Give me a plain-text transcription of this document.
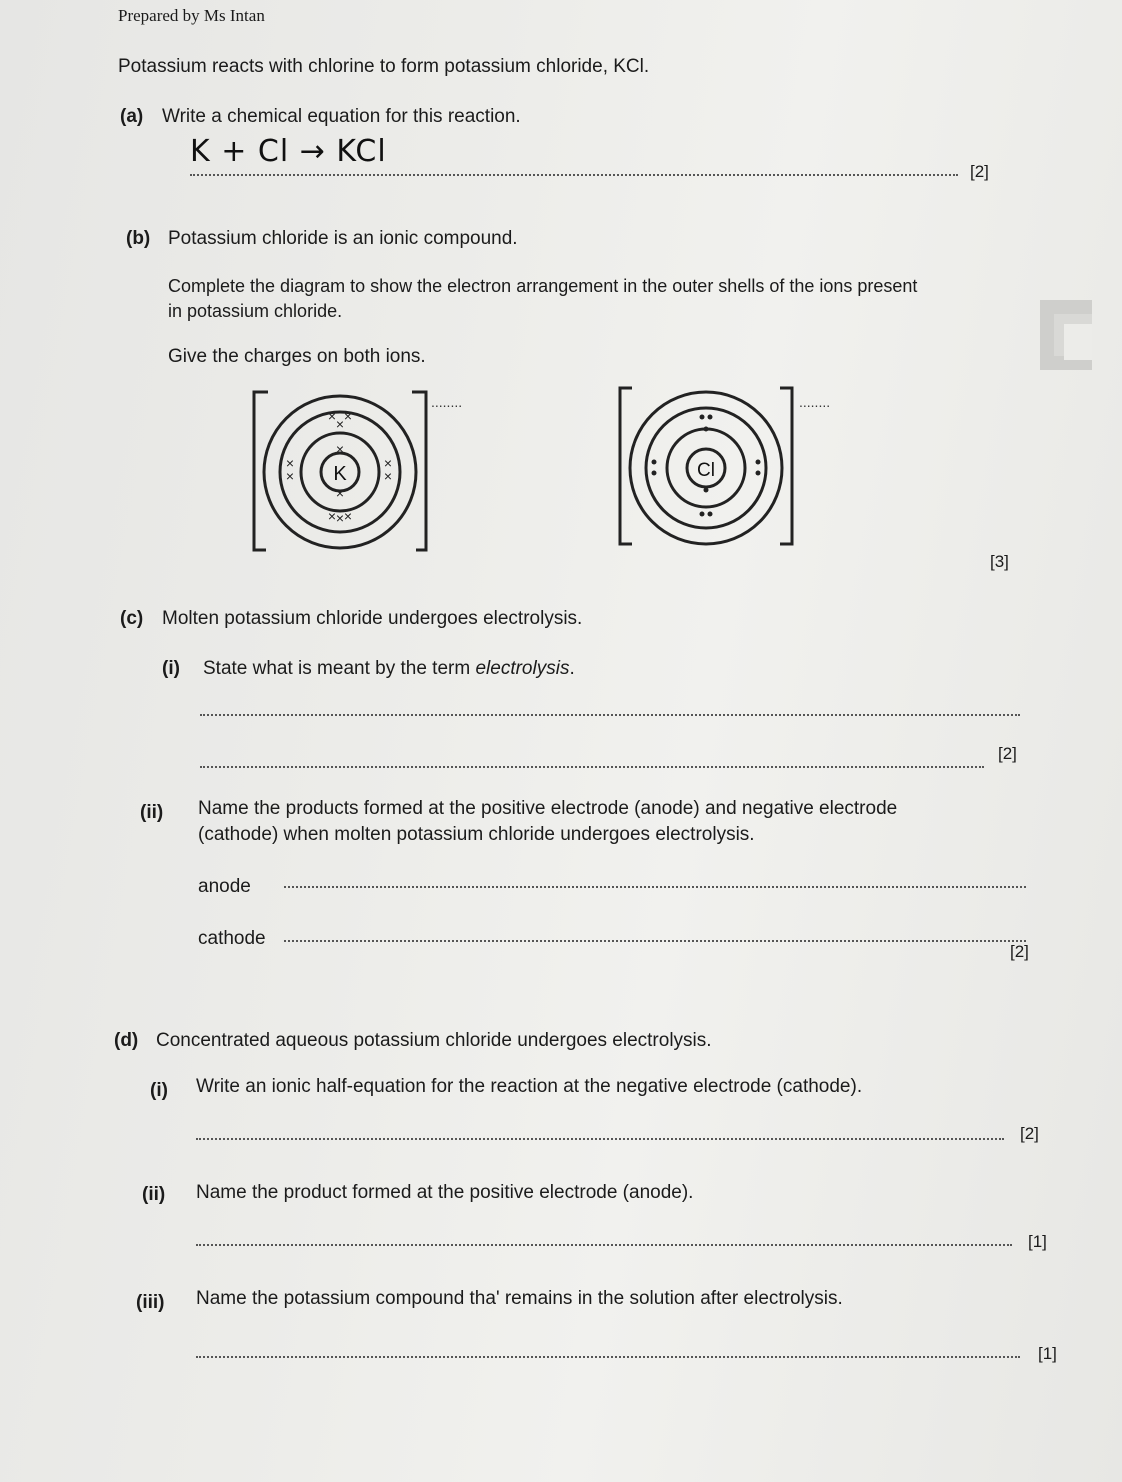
Prepared by Ms Intan
Potassium reacts with chlorine to form potassium chloride, KCl.
(a) Write a chemical equation for this reaction.
K + Cl → KCl
[2]
(b) Potassium chloride is an ionic compound.
Complete the diagram to show the electron arrangement in the outer shells of the ions present
in potassium chloride.
Give the charges on both ions.
K
×
×
×
×
×
×
×
×
× ×
× ×
........
Cl
........
[3]
(c) Molten potassium chloride undergoes electrolysis.
(i) State what is meant by the term electrolysis.
[2]
(ii) Name the products formed at the positive electrode (anode) and negative electrode
(cathode) when molten potassium chloride undergoes electrolysis.
anode
cathode
[2]
(d) Concentrated aqueous potassium chloride undergoes electrolysis.
(i) Write an ionic half-equation for the reaction at the negative electrode (cathode).
[2]
(ii) Name the product formed at the positive electrode (anode).
[1]
(iii) Name the potassium compound tha' remains in the solution after electrolysis.
[1]
